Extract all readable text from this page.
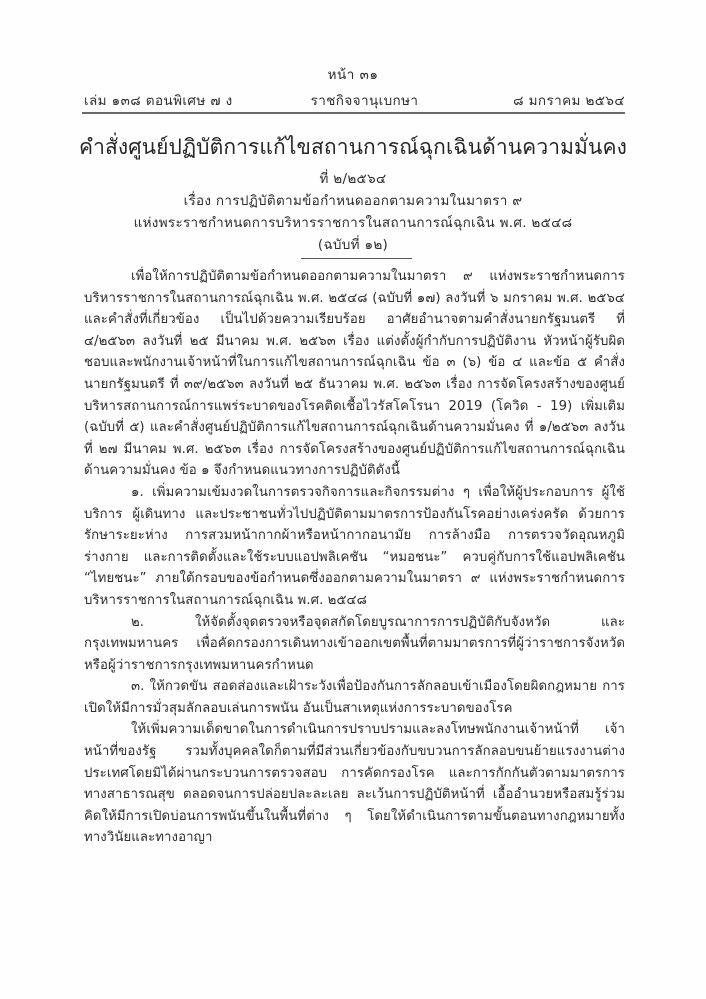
หน้า ๓๑
เล่ม ๑๓๘ ตอนพิเศษ ๗ ง	ราชกิจจานุเบกษา	๘ มกราคม ๒๕๖๔
คำสั่งศูนย์ปฏิบัติการแก้ไขสถานการณ์ฉุกเฉินด้านความมั่นคง
ที่ ๒/๒๕๖๔
เรื่อง การปฏิบัติตามข้อกำหนดออกตามความในมาตรา ๙
แห่งพระราชกำหนดการบริหารราชการในสถานการณ์ฉุกเฉิน พ.ศ. ๒๕๔๘
(ฉบับที่ ๑๒)

เพื่อให้การปฏิบัติตามข้อกำหนดออกตามความในมาตรา ๙ แห่งพระราชกำหนดการบริหารราชการในสถานการณ์ฉุกเฉิน พ.ศ. ๒๕๔๘ (ฉบับที่ ๑๗) ลงวันที่ ๖ มกราคม พ.ศ. ๒๕๖๔ และคำสั่งที่เกี่ยวข้อง เป็นไปด้วยความเรียบร้อย อาศัยอำนาจตามคำสั่งนายกรัฐมนตรี ที่ ๔/๒๕๖๓ ลงวันที่ ๒๕ มีนาคม พ.ศ. ๒๕๖๓ เรื่อง แต่งตั้งผู้กำกับการปฏิบัติงาน หัวหน้าผู้รับผิดชอบและพนักงานเจ้าหน้าที่ในการแก้ไขสถานการณ์ฉุกเฉิน ข้อ ๓ (๖) ข้อ ๔ และข้อ ๕ คำสั่งนายกรัฐมนตรี ที่ ๓๙/๒๕๖๓ ลงวันที่ ๒๕ ธันวาคม พ.ศ. ๒๕๖๓ เรื่อง การจัดโครงสร้างของศูนย์บริหารสถานการณ์การแพร่ระบาดของโรคติดเชื้อไวรัสโคโรนา 2019 (โควิด - 19) เพิ่มเติม (ฉบับที่ ๕) และคำสั่งศูนย์ปฏิบัติการแก้ไขสถานการณ์ฉุกเฉินด้านความมั่นคง ที่ ๑/๒๕๖๓ ลงวันที่ ๒๗ มีนาคม พ.ศ. ๒๕๖๓ เรื่อง การจัดโครงสร้างของศูนย์ปฏิบัติการแก้ไขสถานการณ์ฉุกเฉินด้านความมั่นคง ข้อ ๑ จึงกำหนดแนวทางการปฏิบัติดังนี้

๑. เพิ่มความเข้มงวดในการตรวจกิจการและกิจกรรมต่าง ๆ เพื่อให้ผู้ประกอบการ ผู้ใช้บริการ ผู้เดินทาง และประชาชนทั่วไปปฏิบัติตามมาตรการป้องกันโรคอย่างเคร่งครัด ด้วยการรักษาระยะห่าง การสวมหน้ากากผ้าหรือหน้ากากอนามัย การล้างมือ การตรวจวัดอุณหภูมิร่างกาย และการติดตั้งและใช้ระบบแอปพลิเคชัน “หมอชนะ” ควบคู่กับการใช้แอปพลิเคชัน “ไทยชนะ” ภายใต้กรอบของข้อกำหนดซึ่งออกตามความในมาตรา ๙ แห่งพระราชกำหนดการบริหารราชการในสถานการณ์ฉุกเฉิน พ.ศ. ๒๕๔๘

๒. ให้จัดตั้งจุดตรวจหรือจุดสกัดโดยบูรณาการการปฏิบัติกับจังหวัด และกรุงเทพมหานคร เพื่อคัดกรองการเดินทางเข้าออกเขตพื้นที่ตามมาตรการที่ผู้ว่าราชการจังหวัด หรือผู้ว่าราชการกรุงเทพมหานครกำหนด

๓. ให้กวดขัน สอดส่องและเฝ้าระวังเพื่อป้องกันการลักลอบเข้าเมืองโดยผิดกฎหมาย การเปิดให้มีการมั่วสุมลักลอบเล่นการพนัน อันเป็นสาเหตุแห่งการระบาดของโรค

ให้เพิ่มความเด็ดขาดในการดำเนินการปราบปรามและลงโทษพนักงานเจ้าหน้าที่ เจ้าหน้าที่ของรัฐ รวมทั้งบุคคลใดก็ตามที่มีส่วนเกี่ยวข้องกับขบวนการลักลอบขนย้ายแรงงานต่างประเทศโดยมิได้ผ่านกระบวนการตรวจสอบ การคัดกรองโรค และการกักกันตัวตามมาตรการทางสาธารณสุข ตลอดจนการปล่อยปละละเลย ละเว้นการปฏิบัติหน้าที่ เอื้ออำนวยหรือสมรู้ร่วมคิดให้มีการเปิดบ่อนการพนันขึ้นในพื้นที่ต่าง ๆ โดยให้ดำเนินการตามขั้นตอนทางกฎหมายทั้งทางวินัยและทางอาญา
